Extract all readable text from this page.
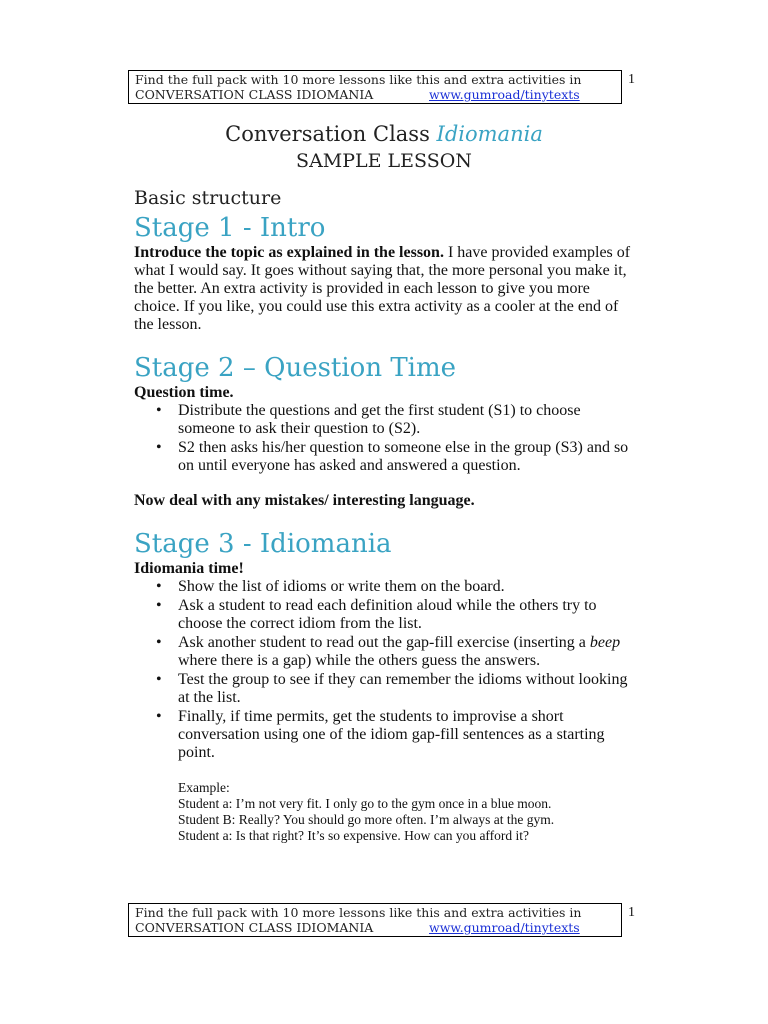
Find the full pack with 10 more lessons like this and extra activities in
CONVERSATION CLASS IDIOMANIA	www.gumroad/tinytexts
1
Conversation Class Idiomania
SAMPLE LESSON
Basic structure
Stage 1 - Intro

Introduce the topic as explained in the lesson. I have provided examples of what I would say. It goes without saying that, the more personal you make it, the better. An extra activity is provided in each lesson to give you more choice. If you like, you could use this extra activity as a cooler at the end of the lesson.

Stage 2 – Question Time

Question time.

• Distribute the questions and get the first student (S1) to choose someone to ask their question to (S2).
• S2 then asks his/her question to someone else in the group (S3) and so on until everyone has asked and answered a question.

Now deal with any mistakes/ interesting language.

Stage 3 - Idiomania

Idiomania time!

• Show the list of idioms or write them on the board.
• Ask a student to read each definition aloud while the others try to choose the correct idiom from the list.
• Ask another student to read out the gap-fill exercise (inserting a beep where there is a gap) while the others guess the answers.
• Test the group to see if they can remember the idioms without looking at the list.
• Finally, if time permits, get the students to improvise a short conversation using one of the idiom gap-fill sentences as a starting point.
Example:
Student a: I’m not very fit. I only go to the gym once in a blue moon.
Student B: Really? You should go more often. I’m always at the gym.
Student a: Is that right? It’s so expensive. How can you afford it?
Find the full pack with 10 more lessons like this and extra activities in
CONVERSATION CLASS IDIOMANIA	www.gumroad/tinytexts
1
